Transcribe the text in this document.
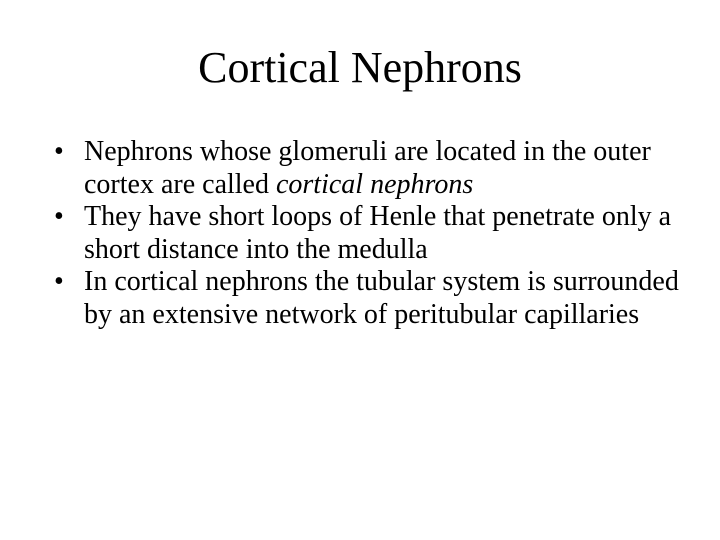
Cortical Nephrons
• Nephrons whose glomeruli are located in the outer cortex are called cortical nephrons
• They have short loops of Henle that penetrate only a short distance into the medulla
• In cortical nephrons the tubular system is surrounded by an extensive network of peritubular capillaries
